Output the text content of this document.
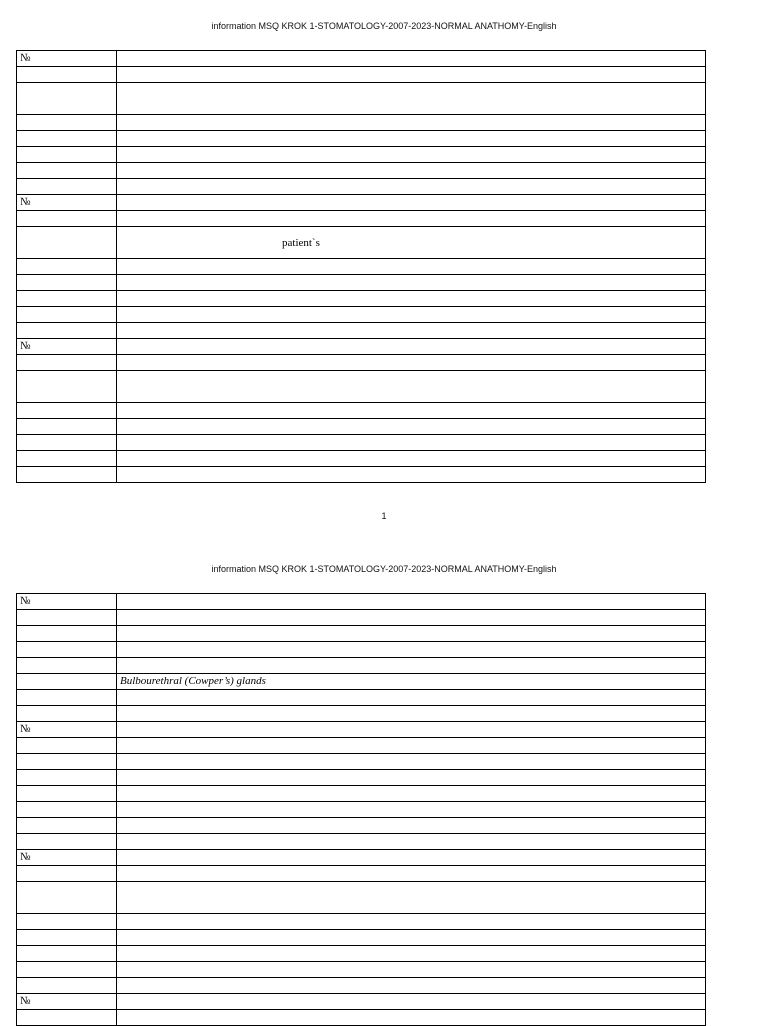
information MSQ KROK 1-STOMATOLOGY-2007-2023-NORMAL ANATHOMY-English
№	

№	

	patient`s

№	

1
information MSQ KROK 1-STOMATOLOGY-2007-2023-NORMAL ANATHOMY-English
№	

	Bulbourethral (Cowper’s) glands

№	

№	

№	
